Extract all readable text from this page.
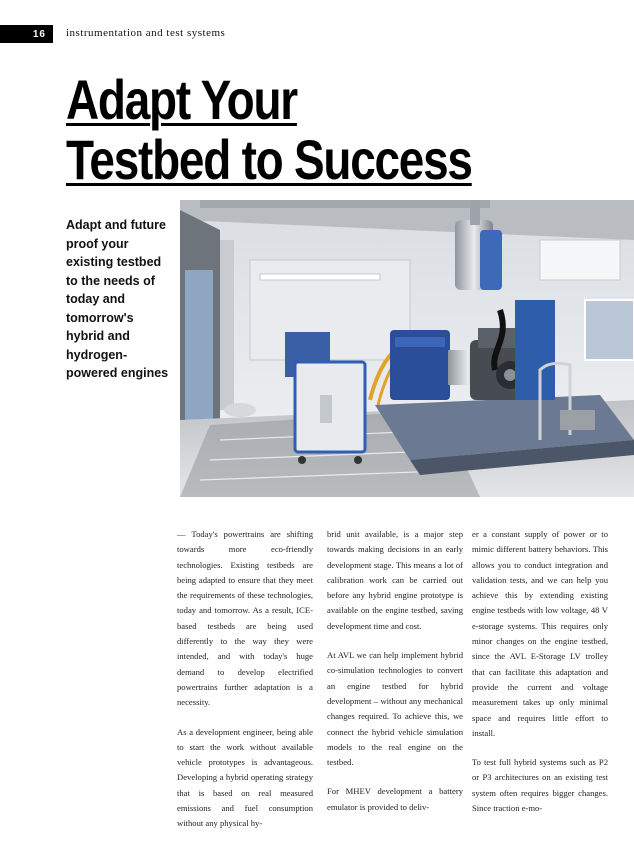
16	instrumentation and test systems
Adapt Your
Testbed to Success

Adapt and future proof your existing testbed to the needs of today and tomorrow's hybrid and hydrogen-powered engines

— Today's powertrains are shifting towards more eco-friendly technologies. Existing testbeds are being adapted to ensure that they meet the requirements of these technologies, today and tomorrow. As a result, ICE-based testbeds are being used differently to the way they were intended, and with today's huge demand to develop electrified powertrains further adaptation is a necessity.

As a development engineer, being able to start the work without available vehicle prototypes is advantageous. Developing a hybrid operating strategy that is based on real measured emissions and fuel consumption without any physical hy-

brid unit available, is a major step towards making decisions in an early development stage. This means a lot of calibration work can be carried out before any hybrid engine prototype is available on the engine testbed, saving development time and cost.

At AVL we can help implement hybrid co-simulation technologies to convert an engine testbed for hybrid development – without any mechanical changes required. To achieve this, we connect the hybrid vehicle simulation models to the real engine on the testbed.

For MHEV development a battery emulator is provided to deliv-

er a constant supply of power or to mimic different battery behaviors. This allows you to conduct integration and validation tests, and we can help you achieve this by extending existing engine testbeds with low voltage, 48 V e-storage systems. This requires only minor changes on the engine testbed, since the AVL E-Storage LV trolley that can facilitate this adaptation and provide the current and voltage measurement takes up only minimal space and requires little effort to install.

To test full hybrid systems such as P2 or P3 architectures on an existing test system often requires bigger changes. Since traction e-mo-
